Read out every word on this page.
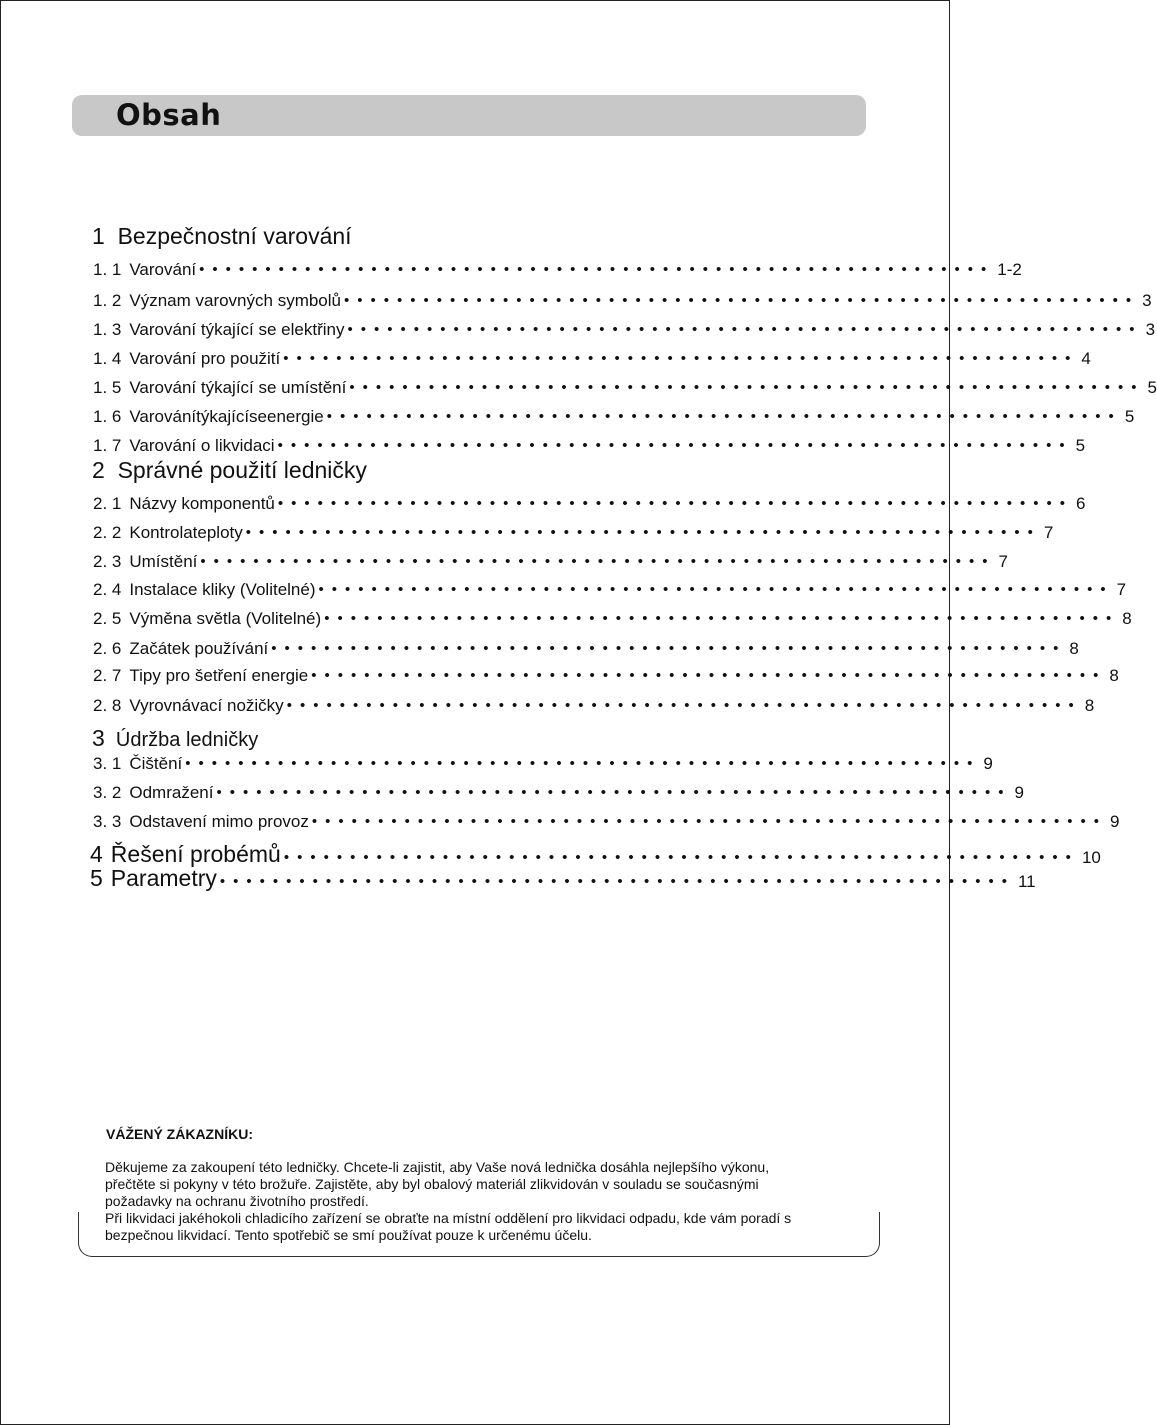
Obsah
1 Bezpečnostní varování
1. 1 Varování •••••••••••••••••••••••••••••••••••••••••••••••••••••••••••• 1-2
1. 2 Význam varovných symbolů •••••••••••••••••••••••••••••••••••••••••••••••••••••••••••• 3
1. 3 Varování týkající se elektřiny •••••••••••••••••••••••••••••••••••••••••••••••••••••••••••• 3
1. 4 Varování pro použití •••••••••••••••••••••••••••••••••••••••••••••••••••••••••••• 4
1. 5 Varování týkající se umístění •••••••••••••••••••••••••••••••••••••••••••••••••••••••••••• 5
1. 6 Varovánítýkajícíseenergie •••••••••••••••••••••••••••••••••••••••••••••••••••••••••••• 5
1. 7 Varování o likvidaci •••••••••••••••••••••••••••••••••••••••••••••••••••••••••••• 5
2 Správné použití ledničky
2. 1 Názvy komponentů •••••••••••••••••••••••••••••••••••••••••••••••••••••••••••• 6
2. 2 Kontrolateploty •••••••••••••••••••••••••••••••••••••••••••••••••••••••••••• 7
2. 3 Umístění •••••••••••••••••••••••••••••••••••••••••••••••••••••••••••• 7
2. 4 Instalace kliky (Volitelné) •••••••••••••••••••••••••••••••••••••••••••••••••••••••••••• 7
2. 5 Výměna světla (Volitelné) •••••••••••••••••••••••••••••••••••••••••••••••••••••••••••• 8
2. 6 Začátek používání •••••••••••••••••••••••••••••••••••••••••••••••••••••••••••• 8
2. 7 Tipy pro šetření energie •••••••••••••••••••••••••••••••••••••••••••••••••••••••••••• 8
2. 8 Vyrovnávací nožičky •••••••••••••••••••••••••••••••••••••••••••••••••••••••••••• 8
3 Údržba ledničky
3. 1 Čištění •••••••••••••••••••••••••••••••••••••••••••••••••••••••••••• 9
3. 2 Odmražení •••••••••••••••••••••••••••••••••••••••••••••••••••••••••••• 9
3. 3 Odstavení mimo provoz •••••••••••••••••••••••••••••••••••••••••••••••••••••••••••• 9
4 Řešení probémů •••••••••••••••••••••••••••••••••••••••••••••••••••••••••••• 10
5 Parametry •••••••••••••••••••••••••••••••••••••••••••••••••••••••••••• 11
VÁŽENÝ ZÁKAZNÍKU:

Děkujeme za zakoupení této ledničky. Chcete-li zajistit, aby Vaše nová lednička dosáhla nejlepšího výkonu,

přečtěte si pokyny v této brožuře. Zajistěte, aby byl obalový materiál zlikvidován v souladu se současnými

požadavky na ochranu životního prostředí.

Při likvidaci jakéhokoli chladicího zařízení se obraťte na místní oddělení pro likvidaci odpadu, kde vám poradí s

bezpečnou likvidací. Tento spotřebič se smí používat pouze k určenému účelu.
